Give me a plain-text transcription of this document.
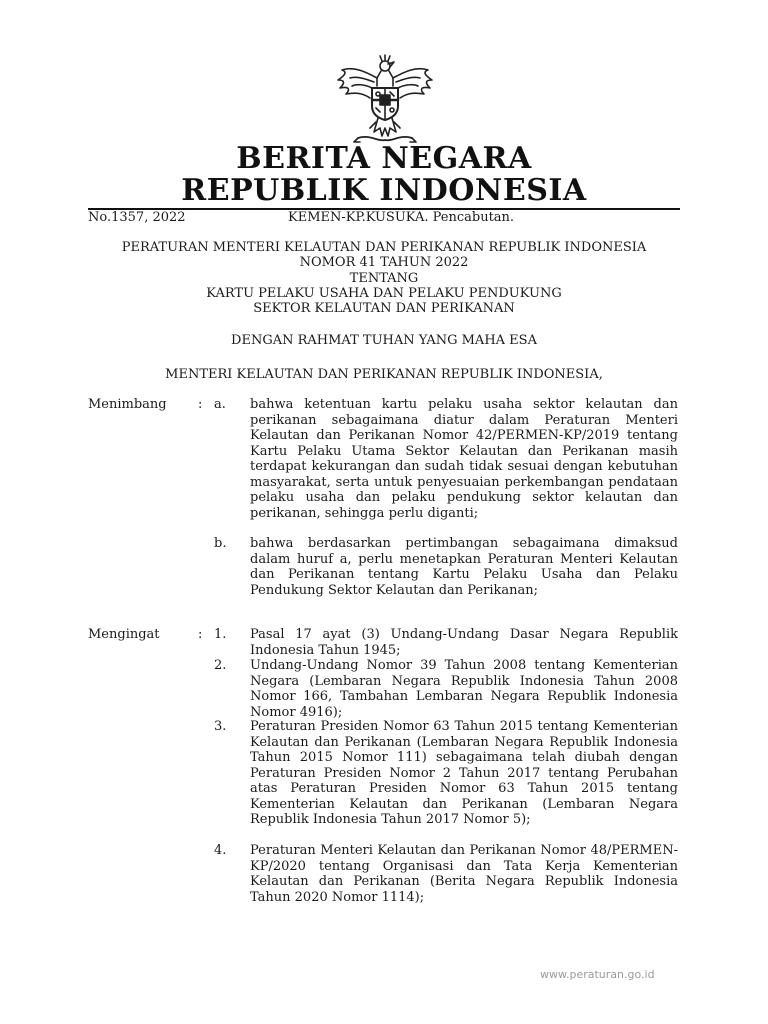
BERITA NEGARA
REPUBLIK INDONESIA
No.1357, 2022	KEMEN-KP.KUSUKA. Pencabutan.
PERATURAN MENTERI KELAUTAN DAN PERIKANAN REPUBLIK INDONESIA
NOMOR 41 TAHUN 2022
TENTANG
KARTU PELAKU USAHA DAN PELAKU PENDUKUNG
SEKTOR KELAUTAN DAN PERIKANAN
DENGAN RAHMAT TUHAN YANG MAHA ESA
MENTERI KELAUTAN DAN PERIKANAN REPUBLIK INDONESIA,
Menimbang : a. bahwa ketentuan kartu pelaku usaha sektor kelautan dan perikanan sebagaimana diatur dalam Peraturan Menteri Kelautan dan Perikanan Nomor 42/PERMEN-KP/2019 tentang Kartu Pelaku Utama Sektor Kelautan dan Perikanan masih terdapat kekurangan dan sudah tidak sesuai dengan kebutuhan masyarakat, serta untuk penyesuaian perkembangan pendataan pelaku usaha dan pelaku pendukung sektor kelautan dan perikanan, sehingga perlu diganti;
b. bahwa berdasarkan pertimbangan sebagaimana dimaksud dalam huruf a, perlu menetapkan Peraturan Menteri Kelautan dan Perikanan tentang Kartu Pelaku Usaha dan Pelaku Pendukung Sektor Kelautan dan Perikanan;
Mengingat	: 1. Pasal 17 ayat (3) Undang-Undang Dasar Negara Republik Indonesia Tahun 1945;
2. Undang-Undang Nomor 39 Tahun 2008 tentang Kementerian Negara (Lembaran Negara Republik Indonesia Tahun 2008 Nomor 166, Tambahan Lembaran Negara Republik Indonesia Nomor 4916);
3. Peraturan Presiden Nomor 63 Tahun 2015 tentang Kementerian Kelautan dan Perikanan (Lembaran Negara Republik Indonesia Tahun 2015 Nomor 111) sebagaimana telah diubah dengan Peraturan Presiden Nomor 2 Tahun 2017 tentang Perubahan atas Peraturan Presiden Nomor 63 Tahun 2015 tentang Kementerian Kelautan dan Perikanan (Lembaran Negara Republik Indonesia Tahun 2017 Nomor 5);
4. Peraturan Menteri Kelautan dan Perikanan Nomor 48/PERMEN-KP/2020 tentang Organisasi dan Tata Kerja Kementerian Kelautan dan Perikanan (Berita Negara Republik Indonesia Tahun 2020 Nomor 1114);
www.peraturan.go.id
